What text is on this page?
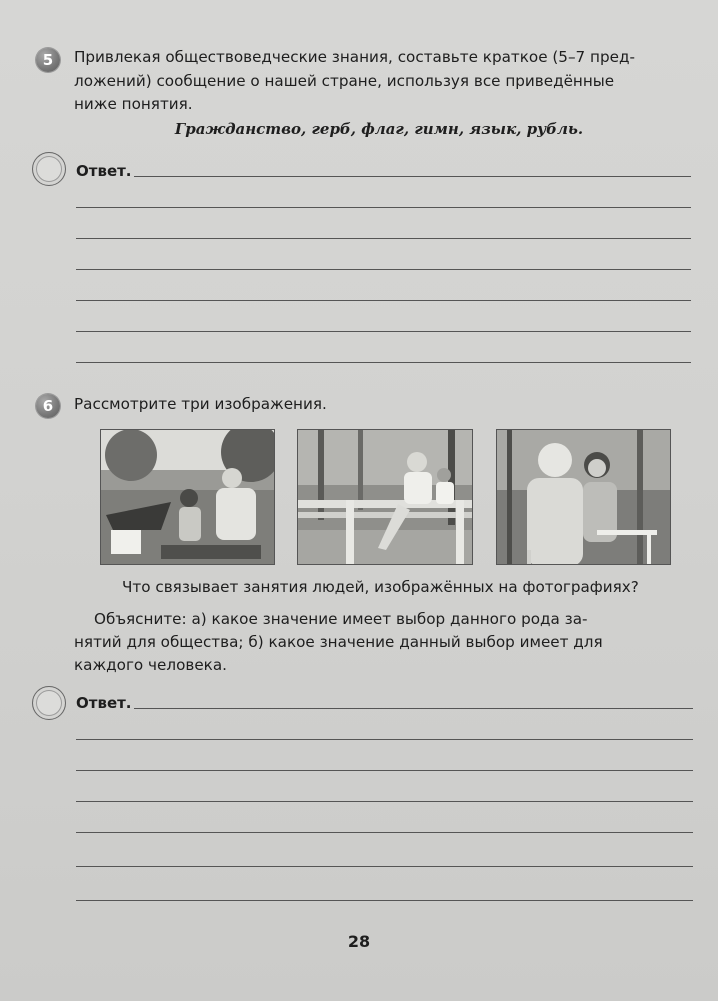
5	Привлекая обществоведческие знания, составьте краткое (5–7 пред-
ложений) сообщение о нашей стране, используя все приведённые
ниже понятия.
Гражданство, герб, флаг, гимн, язык, рубль.
Ответ.
6	Рассмотрите три изображения.
Что связывает занятия людей, изображённых на фотографиях?
Объясните: а) какое значение имеет выбор данного рода за-
нятий для общества; б) какое значение данный выбор имеет для
каждого человека.
Ответ.
28
